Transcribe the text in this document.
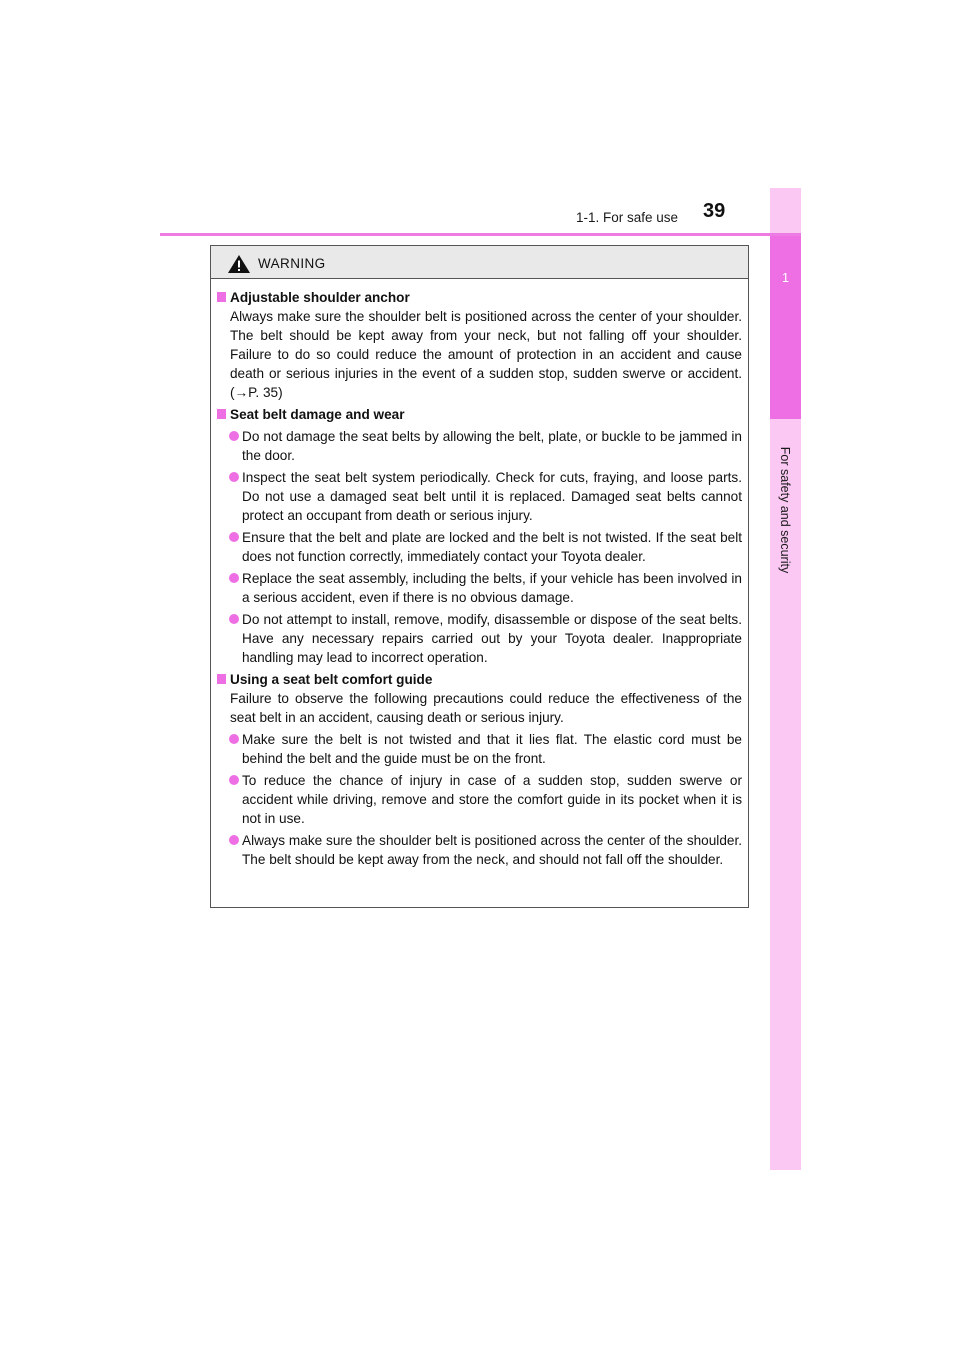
1
For safety and security
1-1. For safe use 39
WARNING
Adjustable shoulder anchor
Always make sure the shoulder belt is positioned across the center of your shoulder. The belt should be kept away from your neck, but not falling off your shoulder. Failure to do so could reduce the amount of protection in an accident and cause death or serious injuries in the event of a sudden stop, sudden swerve or accident. (→P. 35)
Seat belt damage and wear
Do not damage the seat belts by allowing the belt, plate, or buckle to be jammed in the door.
Inspect the seat belt system periodically. Check for cuts, fraying, and loose parts. Do not use a damaged seat belt until it is replaced. Damaged seat belts cannot protect an occupant from death or serious injury.
Ensure that the belt and plate are locked and the belt is not twisted. If the seat belt does not function correctly, immediately contact your Toyota dealer.
Replace the seat assembly, including the belts, if your vehicle has been involved in a serious accident, even if there is no obvious damage.
Do not attempt to install, remove, modify, disassemble or dispose of the seat belts. Have any necessary repairs carried out by your Toyota dealer. Inappropriate handling may lead to incorrect operation.
Using a seat belt comfort guide
Failure to observe the following precautions could reduce the effectiveness of the seat belt in an accident, causing death or serious injury.
Make sure the belt is not twisted and that it lies flat. The elastic cord must be behind the belt and the guide must be on the front.
To reduce the chance of injury in case of a sudden stop, sudden swerve or accident while driving, remove and store the comfort guide in its pocket when it is not in use.
Always make sure the shoulder belt is positioned across the center of the shoulder. The belt should be kept away from the neck, and should not fall off the shoulder.
